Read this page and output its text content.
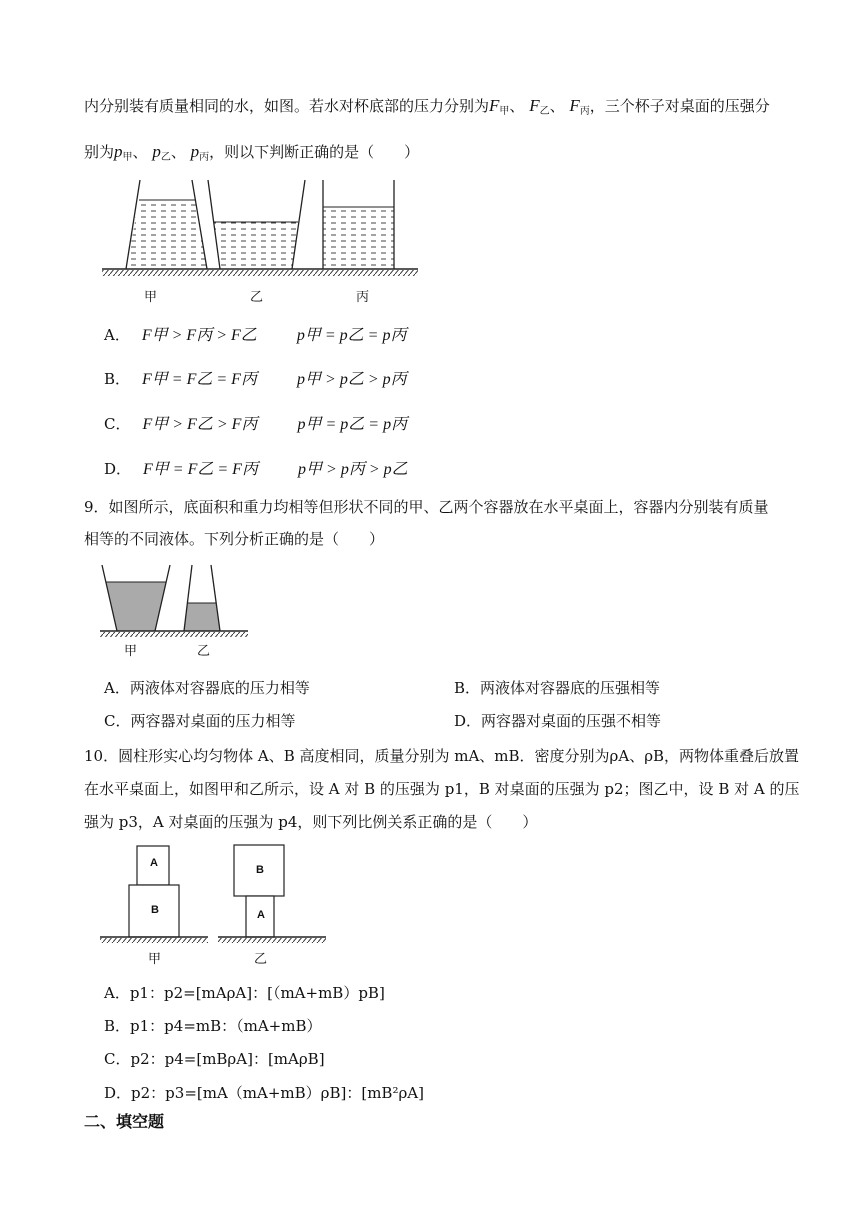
内分别装有质量相同的水，如图。若水对杯底部的压力分别为$F_甲$、 $F_乙$、 $F_丙$，三个杯子对桌面的压强分
别为$p_甲$、 $p_乙$、 $p_丙$，则以下判断正确的是（　　）
甲	乙	丙
A． F甲 > F丙 > F乙	p甲 = p乙 = p丙
B． F甲 = F乙 = F丙	p甲 > p乙 > p丙
C． F甲 > F乙 > F丙	p甲 = p乙 = p丙
D． F甲 = F乙 = F丙	p甲 > p丙 > p乙
9．如图所示，底面积和重力均相等但形状不同的甲、乙两个容器放在水平桌面上，容器内分别装有质量
相等的不同液体。下列分析正确的是（　　）
甲	乙
A．两液体对容器底的压力相等	B．两液体对容器底的压强相等
C．两容器对桌面的压力相等	D．两容器对桌面的压强不相等
10．圆柱形实心均匀物体 A、B 高度相同，质量分别为 mA、mB．密度分别为ρA、ρB，两物体重叠后放置
在水平桌面上，如图甲和乙所示，设 A 对 B 的压强为 p1，B 对桌面的压强为 p2；图乙中，设 B 对 A 的压
强为 p3，A 对桌面的压强为 p4，则下列比例关系正确的是（　　）
A
B
B
A
甲	乙
A．p1：p2=[mAρA]：[（mA+mB）pB]
B．p1：p4=mB：（mA+mB）
C．p2：p4=[mBρA]：[mAρB]
D．p2：p3=[mA（mA+mB）ρB]：[mB²ρA]
二、填空题
